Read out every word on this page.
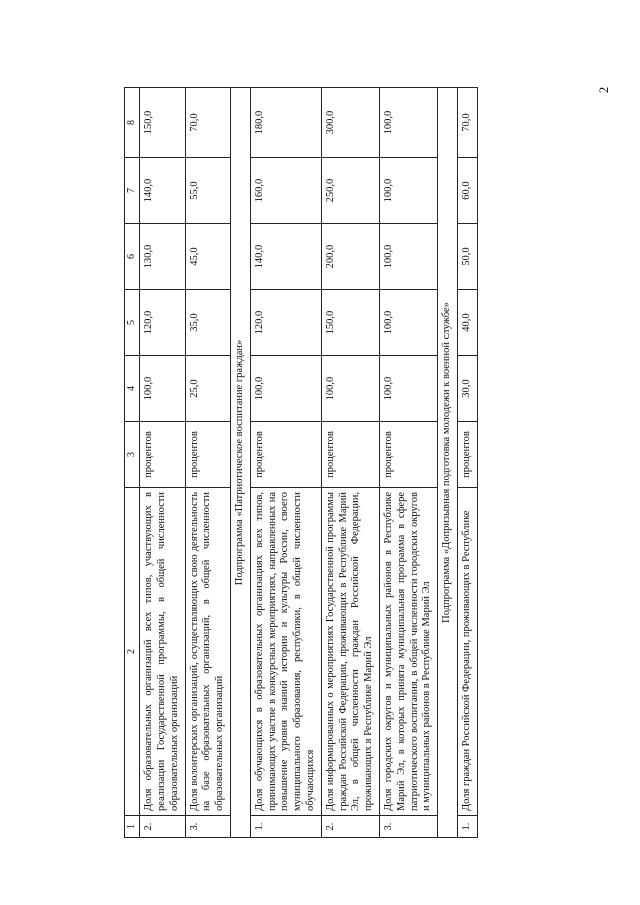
2
1	2	3	4	5	6	7	8
2.	Доля образовательных организаций всех типов, участвующих в реализации Государственной программы, в общей численности образовательных организаций	процентов	100,0	120,0	130,0	140,0	150,0
3.	Доля волонтерских организаций, осуществляющих свою деятельность на базе образовательных организаций, в общей численности образовательных организаций	процентов	25,0	35,0	45,0	55,0	70,0
Подпрограмма «Патриотическое воспитание граждан»							
1.	Доля обучающихся в образовательных организациях всех типов, принимающих участие в конкурсных мероприятиях, направленных на повышение уровня знаний истории и культуры России, своего муниципального образования, республики, в общей численности обучающихся	процентов	100,0	120,0	140,0	160,0	180,0
2.	Доля информированных о мероприятиях Государственной программы граждан Российской Федерации, проживающих в Республике Марий Эл, в общей численности граждан Российской Федерации, проживающих в Республике Марий Эл	процентов	100,0	150,0	200,0	250,0	300,0
3.	Доля городских округов и муниципальных районов в Республике Марий Эл, в которых принята муниципальная программа в сфере патриотического воспитания, в общей численности городских округов и муниципальных районов в Республике Марий Эл	процентов	100,0	100,0	100,0	100,0	100,0
Подпрограмма «Допризывная подготовка молодежи к военной службе»							
1.	Доля граждан Российской Федерации, проживающих в Республике	процентов	30,0	40,0	50,0	60,0	70,0
